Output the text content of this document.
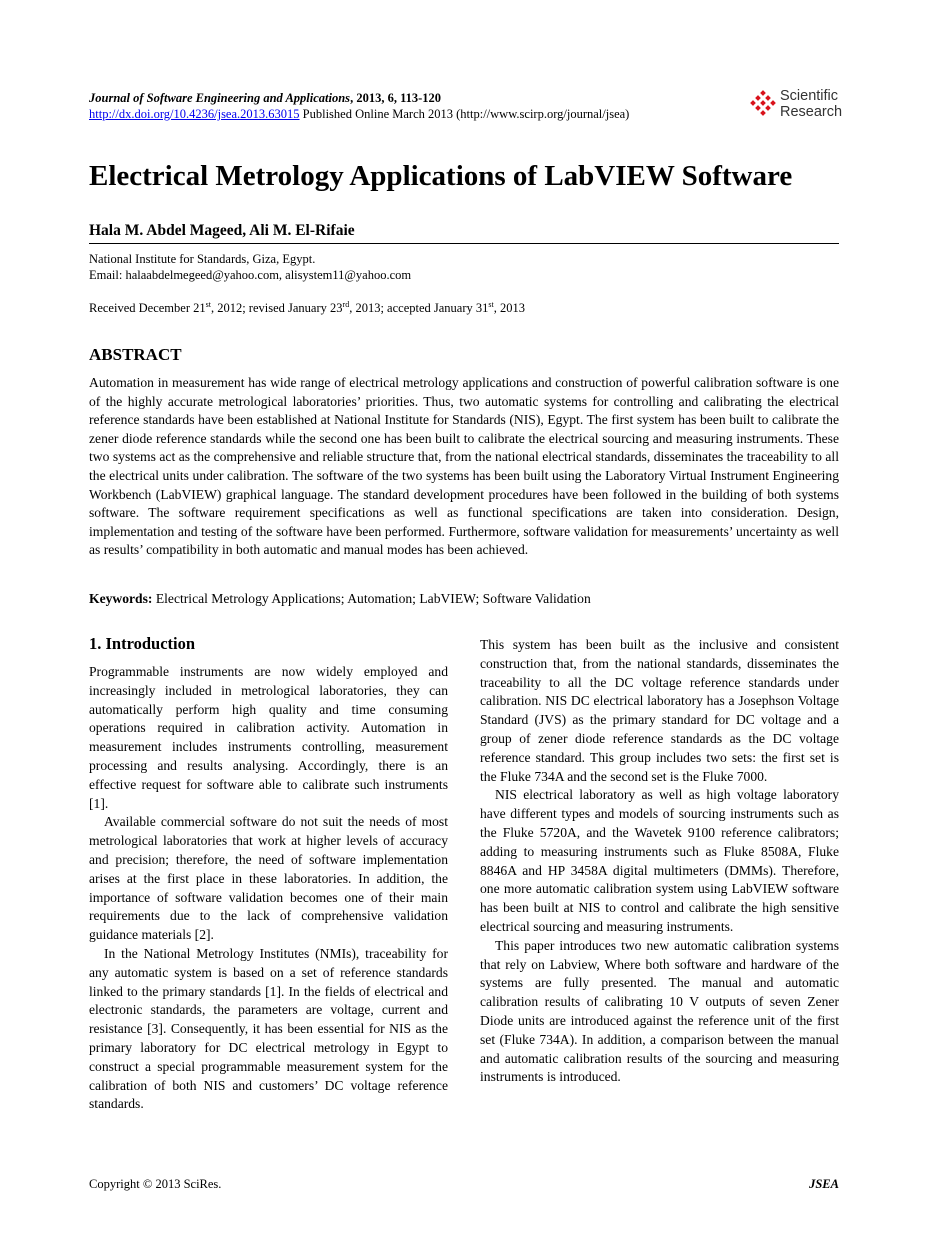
Journal of Software Engineering and Applications, 2013, 6, 113-120
http://dx.doi.org/10.4236/jsea.2013.63015 Published Online March 2013 (http://www.scirp.org/journal/jsea)
Scientific
Research
Electrical Metrology Applications of LabVIEW Software
Hala M. Abdel Mageed, Ali M. El-Rifaie
National Institute for Standards, Giza, Egypt.
Email: halaabdelmegeed@yahoo.com, alisystem11@yahoo.com
Received December 21st, 2012; revised January 23rd, 2013; accepted January 31st, 2013
ABSTRACT
Automation in measurement has wide range of electrical metrology applications and construction of powerful calibration software is one of the highly accurate metrological laboratories’ priorities. Thus, two automatic systems for controlling and calibrating the electrical reference standards have been established at National Institute for Standards (NIS), Egypt. The first system has been built to calibrate the zener diode reference standards while the second one has been built to calibrate the electrical sourcing and measuring instruments. These two systems act as the comprehensive and reliable structure that, from the national electrical standards, disseminates the traceability to all the electrical units under calibration. The software of the two systems has been built using the Laboratory Virtual Instrument Engineering Workbench (LabVIEW) graphical language. The standard development procedures have been followed in the building of both systems software. The software requirement specifications as well as functional specifications are taken into consideration. Design, implementation and testing of the software have been performed. Furthermore, software validation for measurements’ uncertainty as well as results’ compatibility in both automatic and manual modes has been achieved.
Keywords: Electrical Metrology Applications; Automation; LabVIEW; Software Validation
1. Introduction

Programmable instruments are now widely employed and increasingly included in metrological laboratories, they can automatically perform high quality and time consuming operations required in calibration activity. Automation in measurement includes instruments controlling, measurement processing and results analysing. Accordingly, there is an effective request for software able to calibrate such instruments [1].

Available commercial software do not suit the needs of most metrological laboratories that work at higher levels of accuracy and precision; therefore, the need of software implementation arises at the first place in these laboratories. In addition, the importance of software validation becomes one of their main requirements due to the lack of comprehensive validation guidance materials [2].

In the National Metrology Institutes (NMIs), traceability for any automatic system is based on a set of reference standards linked to the primary standards [1]. In the fields of electrical and electronic standards, the parameters are voltage, current and resistance [3]. Consequently, it has been essential for NIS as the primary laboratory for DC electrical metrology in Egypt to construct a special programmable measurement system for the calibration of both NIS and customers’ DC voltage reference standards.

This system has been built as the inclusive and consistent construction that, from the national standards, disseminates the traceability to all the DC voltage reference standards under calibration. NIS DC electrical laboratory has a Josephson Voltage Standard (JVS) as the primary standard for DC voltage and a group of zener diode reference standards as the DC voltage reference standard. This group includes two sets: the first set is the Fluke 734A and the second set is the Fluke 7000.

NIS electrical laboratory as well as high voltage laboratory have different types and models of sourcing instruments such as the Fluke 5720A, and the Wavetek 9100 reference calibrators; adding to measuring instruments such as Fluke 8508A, Fluke 8846A and HP 3458A digital multimeters (DMMs). Therefore, one more automatic calibration system using LabVIEW software has been built at NIS to control and calibrate the high sensitive electrical sourcing and measuring instruments.

This paper introduces two new automatic calibration systems that rely on Labview, Where both software and hardware of the systems are fully presented. The manual and automatic calibration results of calibrating 10 V outputs of seven Zener Diode units are introduced against the reference unit of the first set (Fluke 734A). In addition, a comparison between the manual and automatic calibration results of the sourcing and measuring instruments is introduced.

Copyright © 2013 SciRes.	JSEA
